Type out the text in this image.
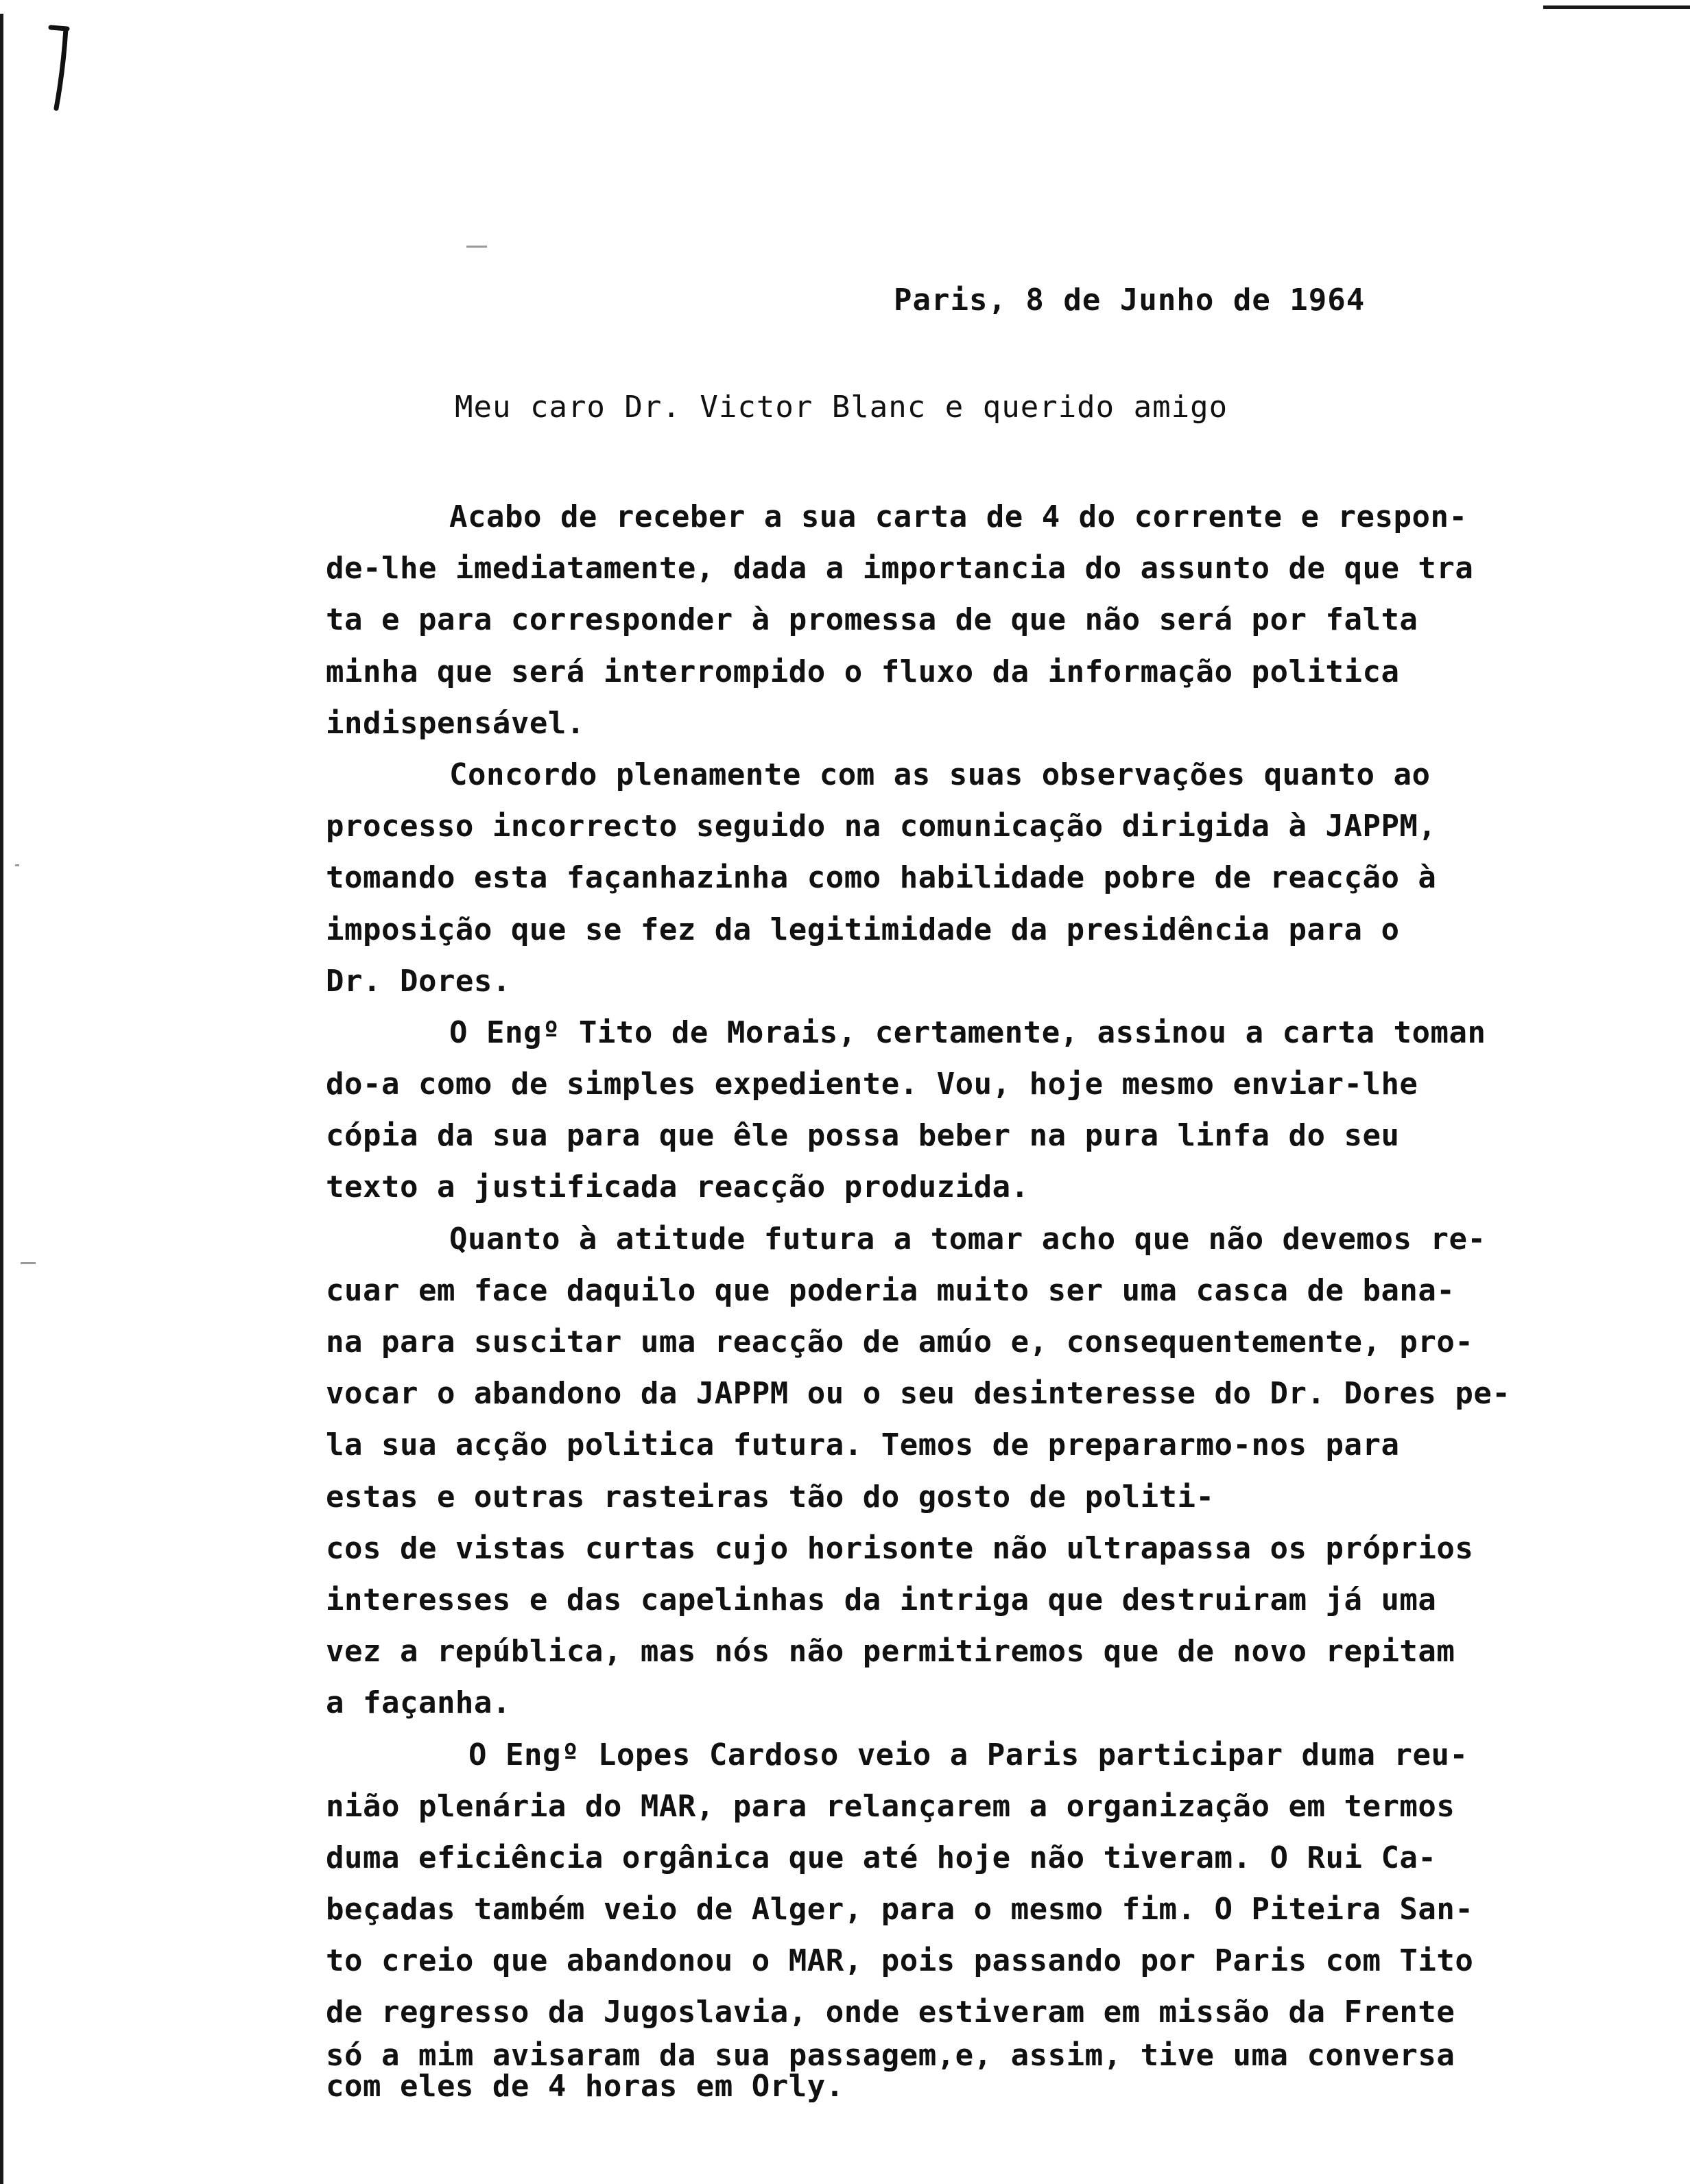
Paris, 8 de Junho de 1964
Meu caro Dr. Victor Blanc e querido amigo
Acabo de receber a sua carta de 4 do corrente e respon-
de-lhe imediatamente, dada a importancia do assunto de que tra
ta e para corresponder à promessa de que não será por falta
minha que será interrompido o fluxo da informação politica
indispensável.
Concordo plenamente com as suas observações quanto ao
processo incorrecto seguido na comunicação dirigida à JAPPM,
tomando esta façanhazinha como habilidade pobre de reacção à
imposição que se fez da legitimidade da presidência para o
Dr. Dores.
O Engº Tito de Morais, certamente, assinou a carta toman
do-a como de simples expediente. Vou, hoje mesmo enviar-lhe
cópia da sua para que êle possa beber na pura linfa do seu
texto a justificada reacção produzida.
Quanto à atitude futura a tomar acho que não devemos re-
cuar em face daquilo que poderia muito ser uma casca de bana-
na para suscitar uma reacção de amúo e, consequentemente, pro-
vocar o abandono da JAPPM ou o seu desinteresse do Dr. Dores pe-
la sua acção politica futura. Temos de prepararmo-nos para
estas e outras rasteiras tão do gosto de politi-
cos de vistas curtas cujo horisonte não ultrapassa os próprios
interesses e das capelinhas da intriga que destruiram já uma
vez a república, mas nós não permitiremos que de novo repitam
a façanha.
O Engº Lopes Cardoso veio a Paris participar duma reu-
nião plenária do MAR, para relançarem a organização em termos
duma eficiência orgânica que até hoje não tiveram. O Rui Ca-
beçadas também veio de Alger, para o mesmo fim. O Piteira San-
to creio que abandonou o MAR, pois passando por Paris com Tito
de regresso da Jugoslavia, onde estiveram em missão da Frente
só a mim avisaram da sua passagem,e, assim, tive uma conversa
com eles de 4 horas em Orly.
